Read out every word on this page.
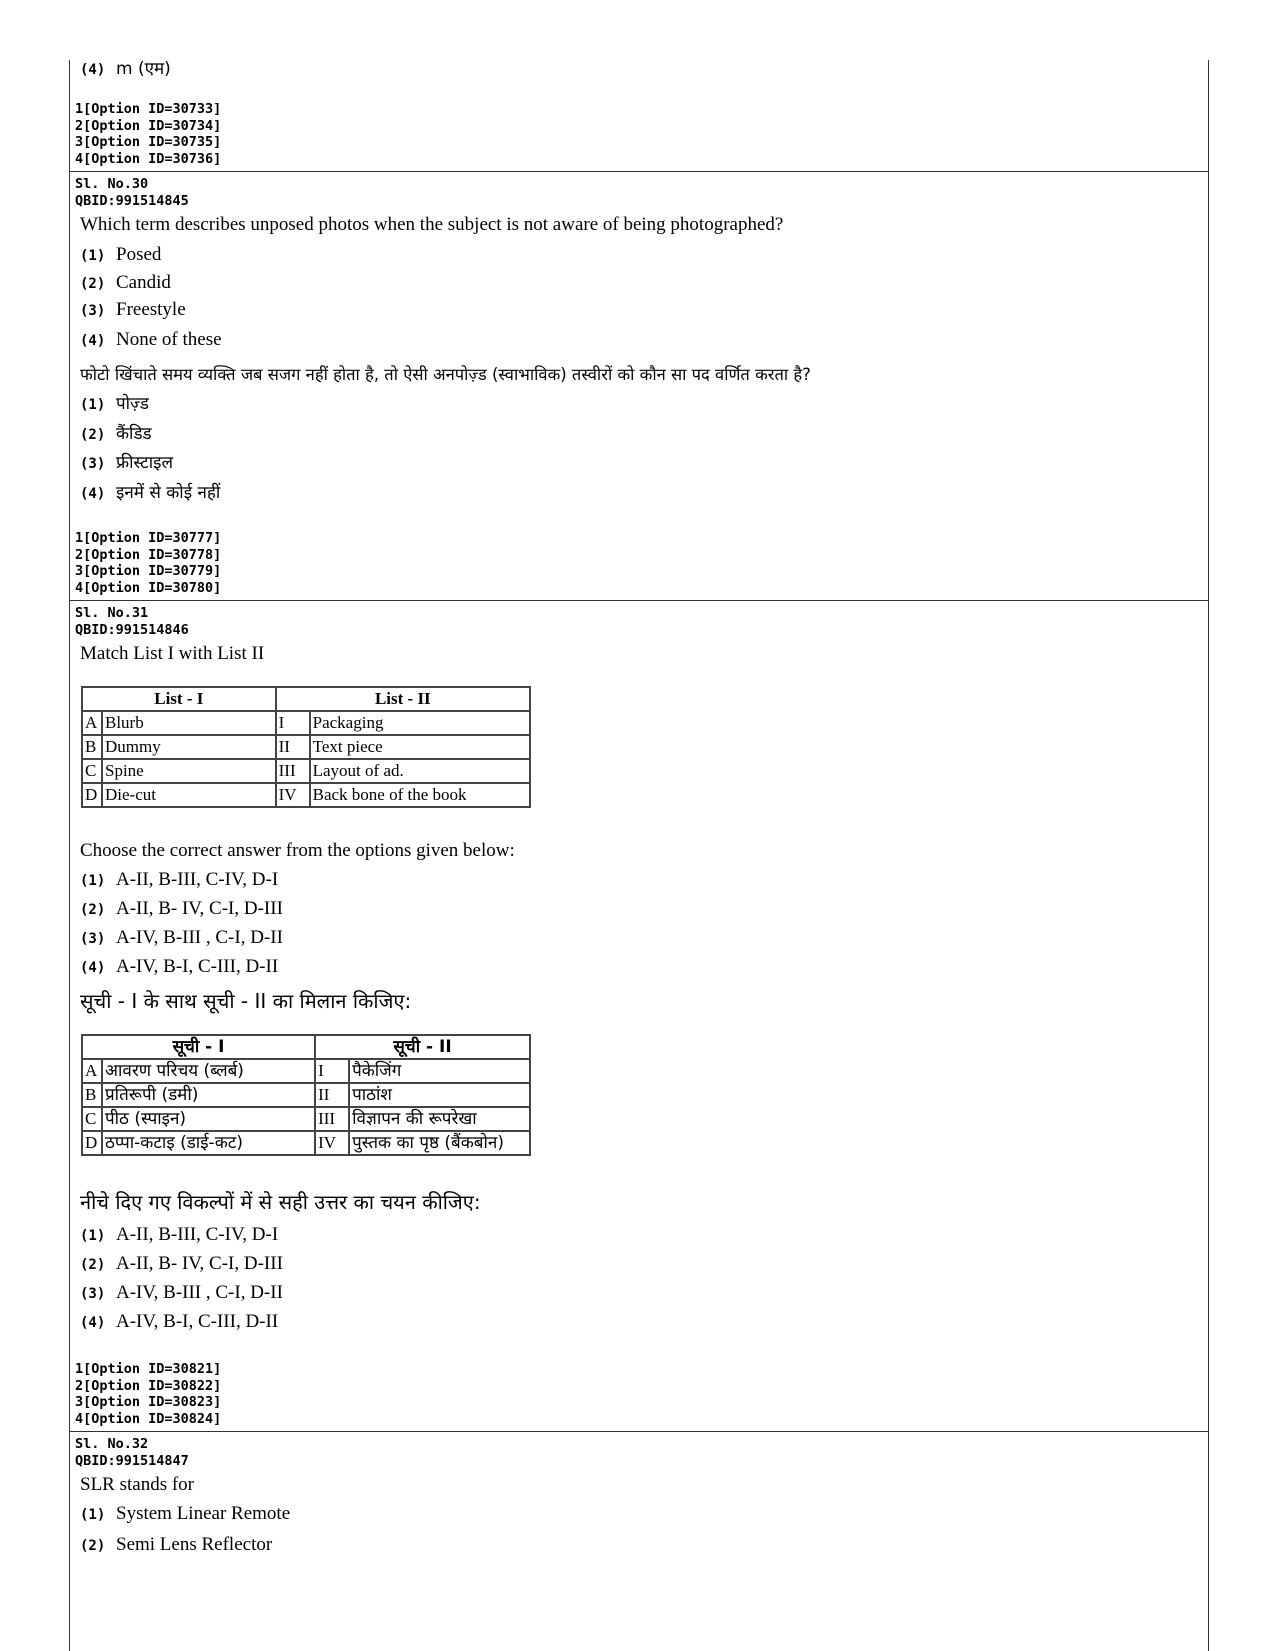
(4) m (एम)
1[Option ID=30733]
2[Option ID=30734]
3[Option ID=30735]
4[Option ID=30736]
Sl. No.30
QBID:991514845
Which term describes unposed photos when the subject is not aware of being photographed?
(1) Posed
(2) Candid
(3) Freestyle
(4) None of these
फोटो खिंचाते समय व्यक्ति जब सजग नहीं होता है, तो ऐसी अनपोज़्ड (स्वाभाविक) तस्वीरों को कौन सा पद वर्णित करता है?
(1) पोज़्ड
(2) कैंडिड
(3) फ्रीस्टाइल
(4) इनमें से कोई नहीं
1[Option ID=30777]
2[Option ID=30778]
3[Option ID=30779]
4[Option ID=30780]
Sl. No.31
QBID:991514846
Match List I with List II
List - I		List - II	
A	Blurb	I	Packaging
B	Dummy	II	Text piece
C	Spine	III	Layout of ad.
D	Die-cut	IV	Back bone of the book
Choose the correct answer from the options given below:
(1) A-II, B-III, C-IV, D-I
(2) A-II, B- IV, C-I, D-III
(3) A-IV, B-III , C-I, D-II
(4) A-IV, B-I, C-III, D-II
सूची - I के साथ सूची - II का मिलान किजिए:
सूची - I		सूची - II	
A	आवरण परिचय (ब्लर्ब)	I	पैकेजिंग
B	प्रतिरूपी (डमी)	II	पाठांश
C	पीठ (स्पाइन)	III	विज्ञापन की रूपरेखा
D	ठप्पा-कटाइ (डाई-कट)	IV	पुस्तक का पृष्ठ (बैंकबोन)
नीचे दिए गए विकल्पों में से सही उत्तर का चयन कीजिए:
(1) A-II, B-III, C-IV, D-I
(2) A-II, B- IV, C-I, D-III
(3) A-IV, B-III , C-I, D-II
(4) A-IV, B-I, C-III, D-II
1[Option ID=30821]
2[Option ID=30822]
3[Option ID=30823]
4[Option ID=30824]
Sl. No.32
QBID:991514847
SLR stands for
(1) System Linear Remote
(2) Semi Lens Reflector
